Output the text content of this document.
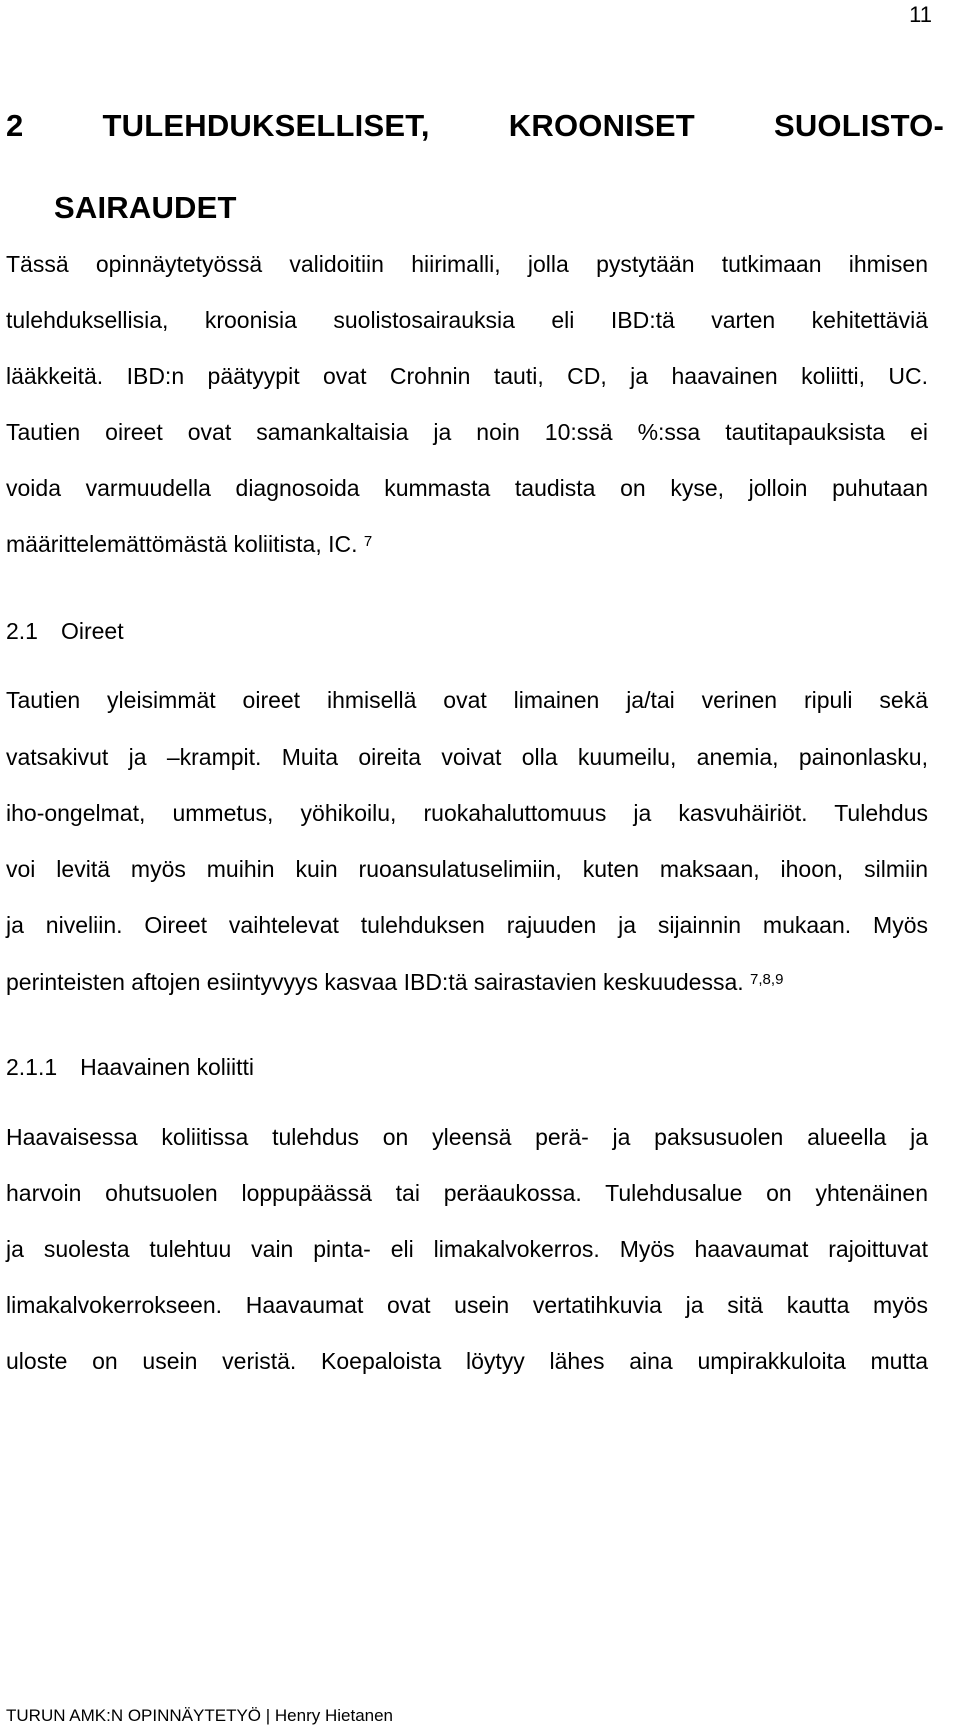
11
2 TULEHDUKSELLISET, KROONISET SUOLISTO-
SAIRAUDET
Tässä opinnäytetyössä validoitiin hiirimalli, jolla pystytään tutkimaan ihmisen
tulehduksellisia, kroonisia suolistosairauksia eli IBD:tä varten kehitettäviä
lääkkeitä. IBD:n päätyypit ovat Crohnin tauti, CD, ja haavainen koliitti, UC.
Tautien oireet ovat samankaltaisia ja noin 10:ssä %:ssa tautitapauksista ei
voida varmuudella diagnosoida kummasta taudista on kyse, jolloin puhutaan
määrittelemättömästä koliitista, IC. $^7$
2.1 Oireet
Tautien yleisimmät oireet ihmisellä ovat limainen ja/tai verinen ripuli sekä
vatsakivut ja –krampit. Muita oireita voivat olla kuumeilu, anemia, painonlasku,
iho-ongelmat, ummetus, yöhikoilu, ruokahaluttomuus ja kasvuhäiriöt. Tulehdus
voi levitä myös muihin kuin ruoansulatuselimiin, kuten maksaan, ihoon, silmiin
ja niveliin. Oireet vaihtelevat tulehduksen rajuuden ja sijainnin mukaan. Myös
perinteisten aftojen esiintyvyys kasvaa IBD:tä sairastavien keskuudessa. $^{7,8,9}$
2.1.1 Haavainen koliitti
Haavaisessa koliitissa tulehdus on yleensä perä- ja paksusuolen alueella ja
harvoin ohutsuolen loppupäässä tai peräaukossa. Tulehdusalue on yhtenäinen
ja suolesta tulehtuu vain pinta- eli limakalvokerros. Myös haavaumat rajoittuvat
limakalvokerrokseen. Haavaumat ovat usein vertatihkuvia ja sitä kautta myös
uloste on usein veristä. Koepaloista löytyy lähes aina umpirakkuloita mutta
TURUN AMK:N OPINNÄYTETYÖ | Henry Hietanen
